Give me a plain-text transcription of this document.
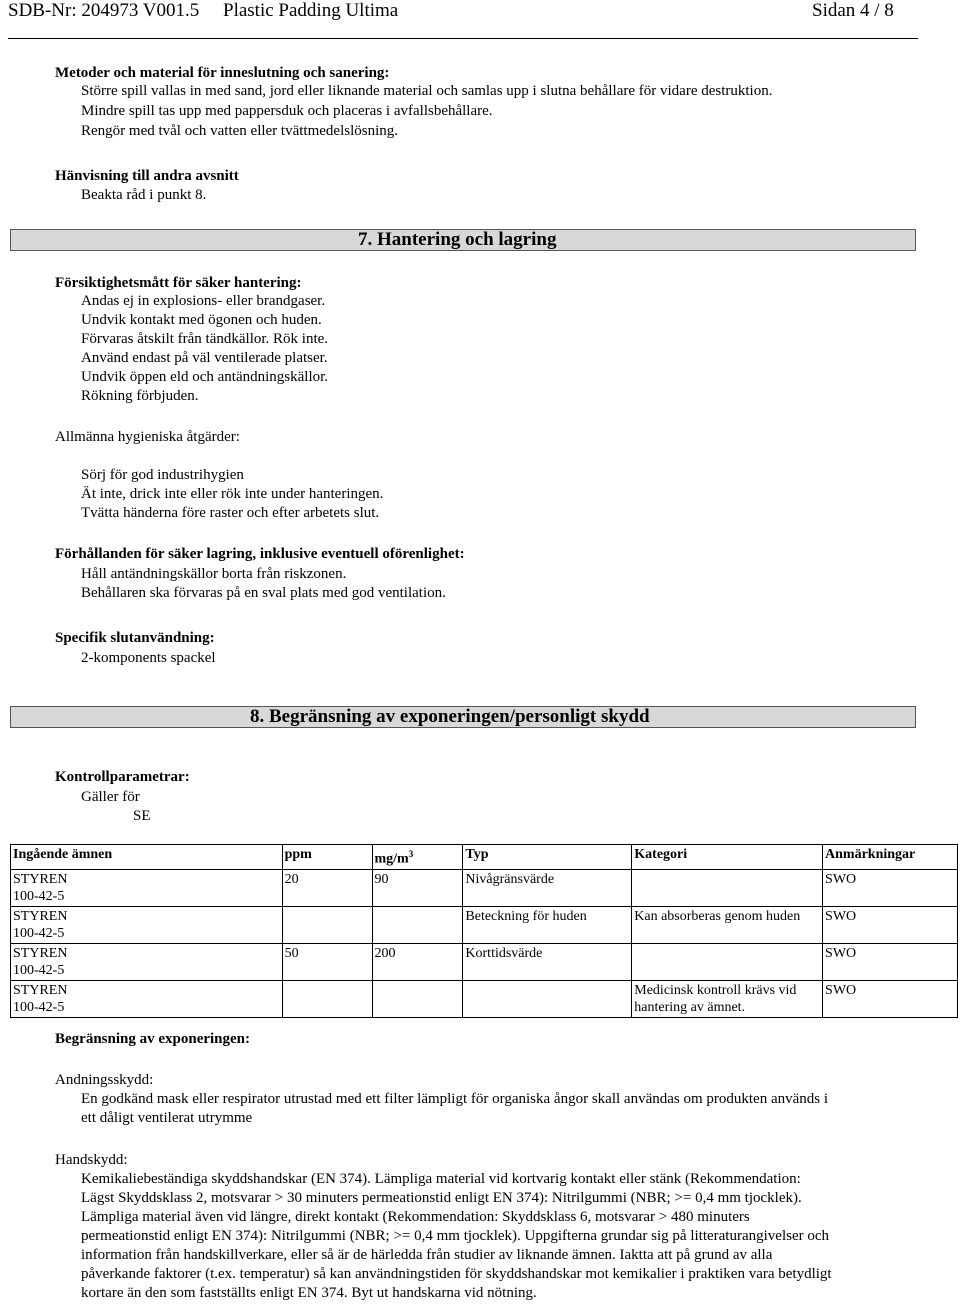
SDB-Nr: 204973 V001.5 Plastic Padding Ultima	Sidan 4 / 8
Metoder och material för inneslutning och sanering:
Större spill vallas in med sand, jord eller liknande material och samlas upp i slutna behållare för vidare destruktion.
Mindre spill tas upp med pappersduk och placeras i avfallsbehållare.
Rengör med tvål och vatten eller tvättmedelslösning.
Hänvisning till andra avsnitt
Beakta råd i punkt 8.
7. Hantering och lagring
Försiktighetsmått för säker hantering:
Andas ej in explosions- eller brandgaser.
Undvik kontakt med ögonen och huden.
Förvaras åtskilt från tändkällor. Rök inte.
Använd endast på väl ventilerade platser.
Undvik öppen eld och antändningskällor.
Rökning förbjuden.
Allmänna hygieniska åtgärder:
Sörj för god industrihygien
Ät inte, drick inte eller rök inte under hanteringen.
Tvätta händerna före raster och efter arbetets slut.
Förhållanden för säker lagring, inklusive eventuell oförenlighet:
Håll antändningskällor borta från riskzonen.
Behållaren ska förvaras på en sval plats med god ventilation.
Specifik slutanvändning:
2-komponents spackel
8. Begränsning av exponeringen/personligt skydd
Kontrollparametrar:
Gäller för
SE
Ingående ämnen	ppm	$mg/m^3$	Typ	Kategori	Anmärkningar

STYREN
100-42-5	20	90	Nivågränsvärde		SWO

STYREN
100-42-5			Beteckning för huden	Kan absorberas genom huden	SWO

STYREN
100-42-5	50	200	Korttidsvärde		SWO

STYREN
100-42-5				Medicinsk kontroll krävs vid hantering av ämnet.	SWO
Begränsning av exponeringen:
Andningsskydd:
En godkänd mask eller respirator utrustad med ett filter lämpligt för organiska ångor skall användas om produkten används i
ett dåligt ventilerat utrymme
Handskydd:
Kemikaliebeständiga skyddshandskar (EN 374). Lämpliga material vid kortvarig kontakt eller stänk (Rekommendation:
Lägst Skyddsklass 2, motsvarar > 30 minuters permeationstid enligt EN 374): Nitrilgummi (NBR; >= 0,4 mm tjocklek).
Lämpliga material även vid längre, direkt kontakt (Rekommendation: Skyddsklass 6, motsvarar > 480 minuters
permeationstid enligt EN 374): Nitrilgummi (NBR; >= 0,4 mm tjocklek). Uppgifterna grundar sig på litteraturangivelser och
information från handskillverkare, eller så är de härledda från studier av liknande ämnen. Iaktta att på grund av alla
påverkande faktorer (t.ex. temperatur) så kan användningstiden för skyddshandskar mot kemikalier i praktiken vara betydligt
kortare än den som fastställts enligt EN 374. Byt ut handskarna vid nötning.
